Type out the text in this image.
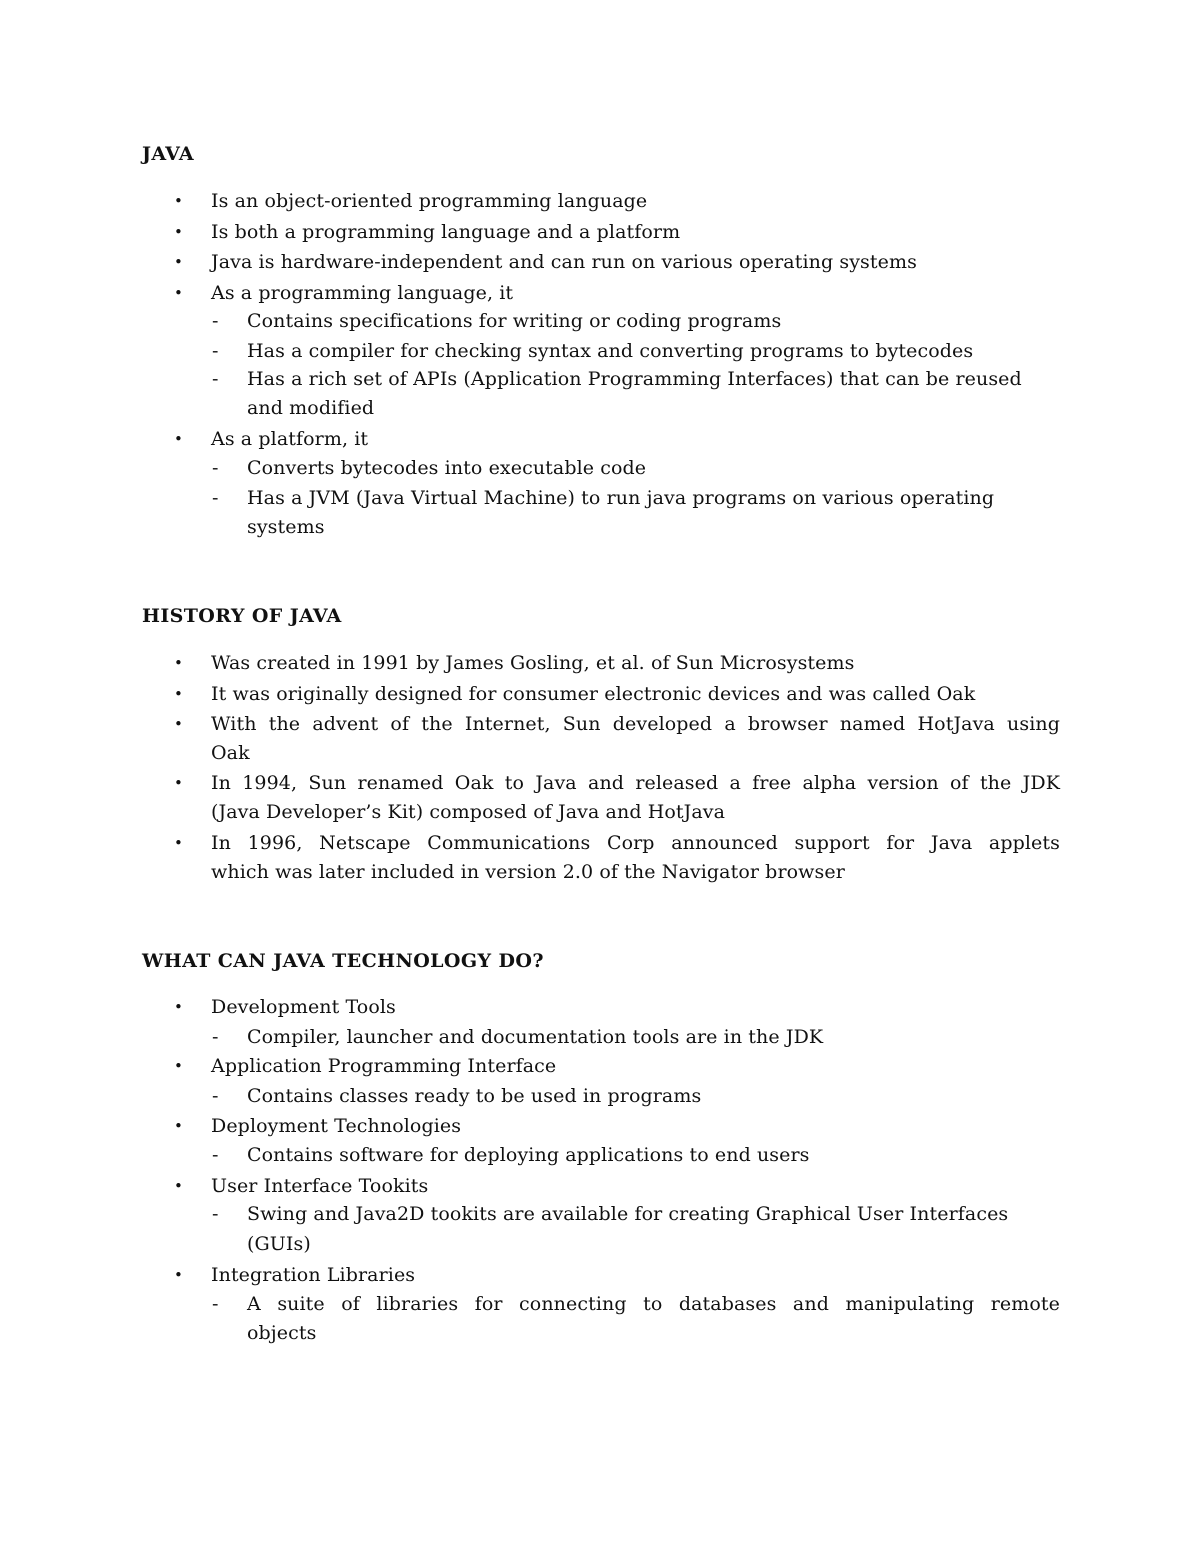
JAVA
• Is an object-oriented programming language
• Is both a programming language and a platform
• Java is hardware-independent and can run on various operating systems
• As a programming language, it
- Contains specifications for writing or coding programs
- Has a compiler for checking syntax and converting programs to bytecodes
- Has a rich set of APIs (Application Programming Interfaces) that can be reused
and modified
• As a platform, it
- Converts bytecodes into executable code
- Has a JVM (Java Virtual Machine) to run java programs on various operating
systems
HISTORY OF JAVA
• Was created in 1991 by James Gosling, et al. of Sun Microsystems
• It was originally designed for consumer electronic devices and was called Oak
• With the advent of the Internet, Sun developed a browser named HotJava using
Oak
• In 1994, Sun renamed Oak to Java and released a free alpha version of the JDK
(Java Developer’s Kit) composed of Java and HotJava
• In 1996, Netscape Communications Corp announced support for Java applets
which was later included in version 2.0 of the Navigator browser
WHAT CAN JAVA TECHNOLOGY DO?
• Development Tools
- Compiler, launcher and documentation tools are in the JDK
• Application Programming Interface
- Contains classes ready to be used in programs
• Deployment Technologies
- Contains software for deploying applications to end users
• User Interface Tookits
- Swing and Java2D tookits are available for creating Graphical User Interfaces
(GUIs)
• Integration Libraries
- A suite of libraries for connecting to databases and manipulating remote
objects
